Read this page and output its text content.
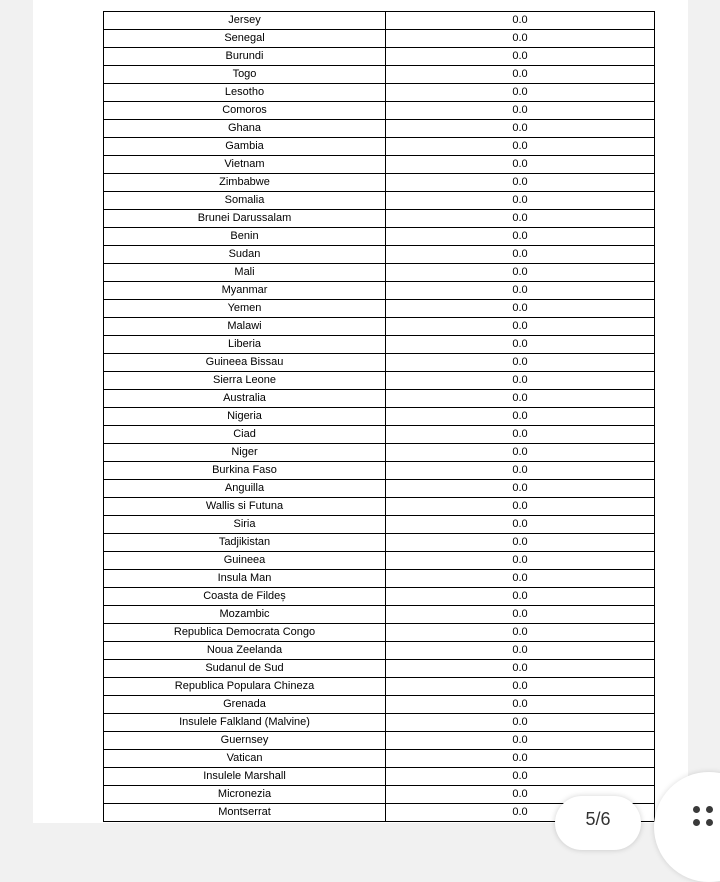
Jersey	0.0
Senegal	0.0
Burundi	0.0
Togo	0.0
Lesotho	0.0
Comoros	0.0
Ghana	0.0
Gambia	0.0
Vietnam	0.0
Zimbabwe	0.0
Somalia	0.0
Brunei Darussalam	0.0
Benin	0.0
Sudan	0.0
Mali	0.0
Myanmar	0.0
Yemen	0.0
Malawi	0.0
Liberia	0.0
Guineea Bissau	0.0
Sierra Leone	0.0
Australia	0.0
Nigeria	0.0
Ciad	0.0
Niger	0.0
Burkina Faso	0.0
Anguilla	0.0
Wallis si Futuna	0.0
Siria	0.0
Tadjikistan	0.0
Guineea	0.0
Insula Man	0.0
Coasta de Fildeș	0.0
Mozambic	0.0
Republica Democrata Congo	0.0
Noua Zeelanda	0.0
Sudanul de Sud	0.0
Republica Populara Chineza	0.0
Grenada	0.0
Insulele Falkland (Malvine)	0.0
Guernsey	0.0
Vatican	0.0
Insulele Marshall	0.0
Micronezia	0.0
Montserrat	0.0	5/6
